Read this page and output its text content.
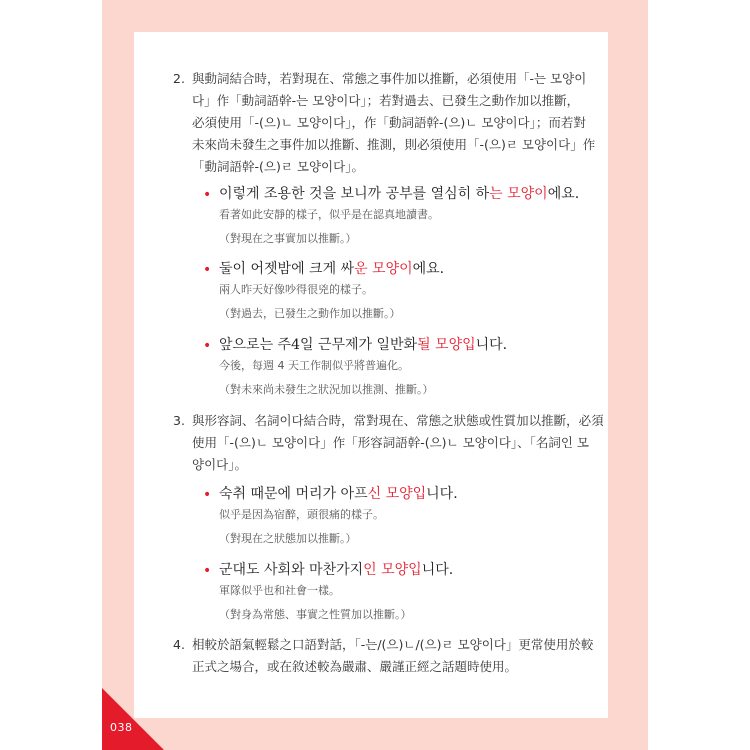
038
2. 與動詞結合時，若對現在、常態之事件加以推斷，必須使用「-는 모양이
다」作「動詞語幹-는 모양이다」；若對過去、已發生之動作加以推斷，
必須使用「-(으)ㄴ 모양이다」，作「動詞語幹-(으)ㄴ 모양이다」；而若對
未來尚未發生之事件加以推斷、推測，則必須使用「-(으)ㄹ 모양이다」作
「動詞語幹-(으)ㄹ 모양이다」。
• 이렇게 조용한 것을 보니까 공부를 열심히 하는 모양이에요.
看著如此安靜的樣子，似乎是在認真地讀書。
（對現在之事實加以推斷。）
• 둘이 어젯밤에 크게 싸운 모양이에요.
兩人昨天好像吵得很兇的樣子。
（對過去，已發生之動作加以推斷。）
• 앞으로는 주4일 근무제가 일반화될 모양입니다.
今後，每週 4 天工作制似乎將普遍化。
（對未來尚未發生之狀況加以推測、推斷。）
3. 與形容詞、名詞이다結合時，常對現在、常態之狀態或性質加以推斷，必須
使用「-(으)ㄴ 모양이다」作「形容詞語幹-(으)ㄴ 모양이다」、「名詞인 모
양이다」。
• 숙취 때문에 머리가 아프신 모양입니다.
似乎是因為宿醉，頭很痛的樣子。
（對現在之狀態加以推斷。）
• 군대도 사회와 마찬가지인 모양입니다.
軍隊似乎也和社會一樣。
（對身為常態、事實之性質加以推斷。）
4. 相較於語氣輕鬆之口語對話，「-는/(으)ㄴ/(으)ㄹ 모양이다」更常使用於較
正式之場合，或在敘述較為嚴肅、嚴謹正經之話題時使用。
